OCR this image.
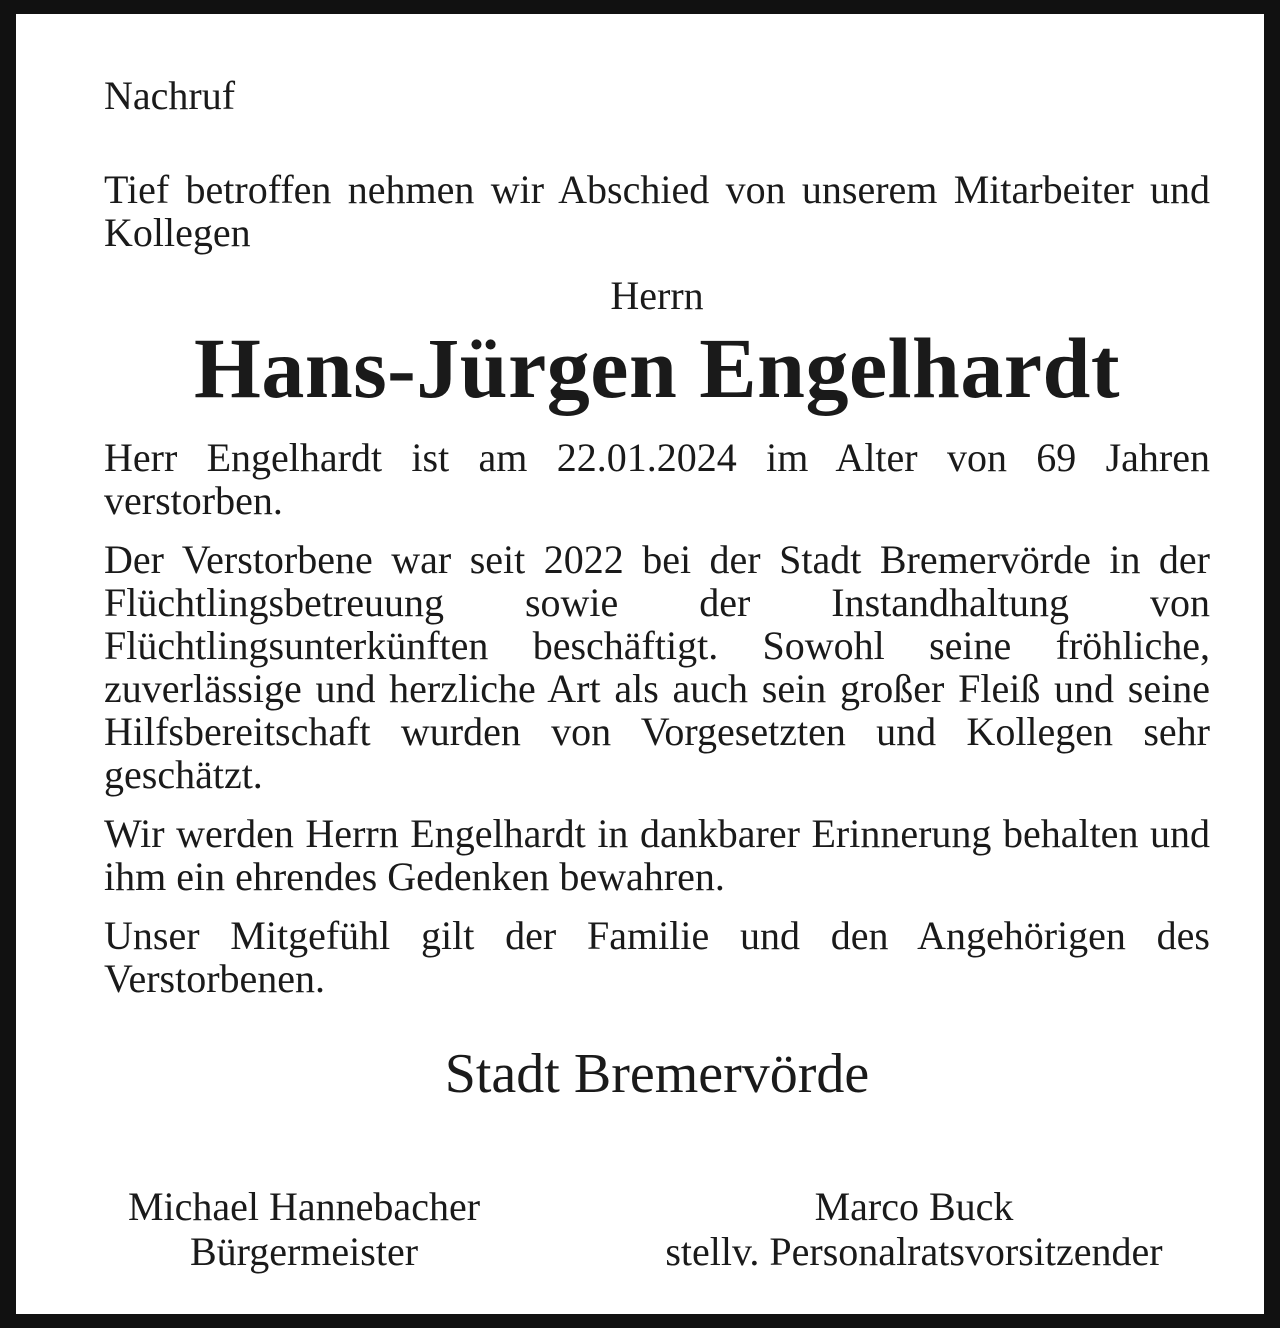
Nachruf

Tief betroffen nehmen wir Abschied von unserem Mitarbeiter und Kollegen

Herrn

Hans-Jürgen Engelhardt

Herr Engelhardt ist am 22.01.2024 im Alter von 69 Jahren verstorben.

Der Verstorbene war seit 2022 bei der Stadt Bremervörde in der Flüchtlingsbetreuung sowie der Instandhaltung von Flüchtlingsunterkünften beschäftigt. Sowohl seine fröhliche, zuverlässige und herzliche Art als auch sein großer Fleiß und seine Hilfsbereitschaft wurden von Vorgesetzten und Kollegen sehr geschätzt.

Wir werden Herrn Engelhardt in dankbarer Erinnerung behalten und ihm ein ehrendes Gedenken bewahren.

Unser Mitgefühl gilt der Familie und den Angehörigen des Verstorbenen.

Stadt Bremervörde

Michael Hannebacher
Bürgermeister
Marco Buck
stellv. Personalratsvorsitzender
